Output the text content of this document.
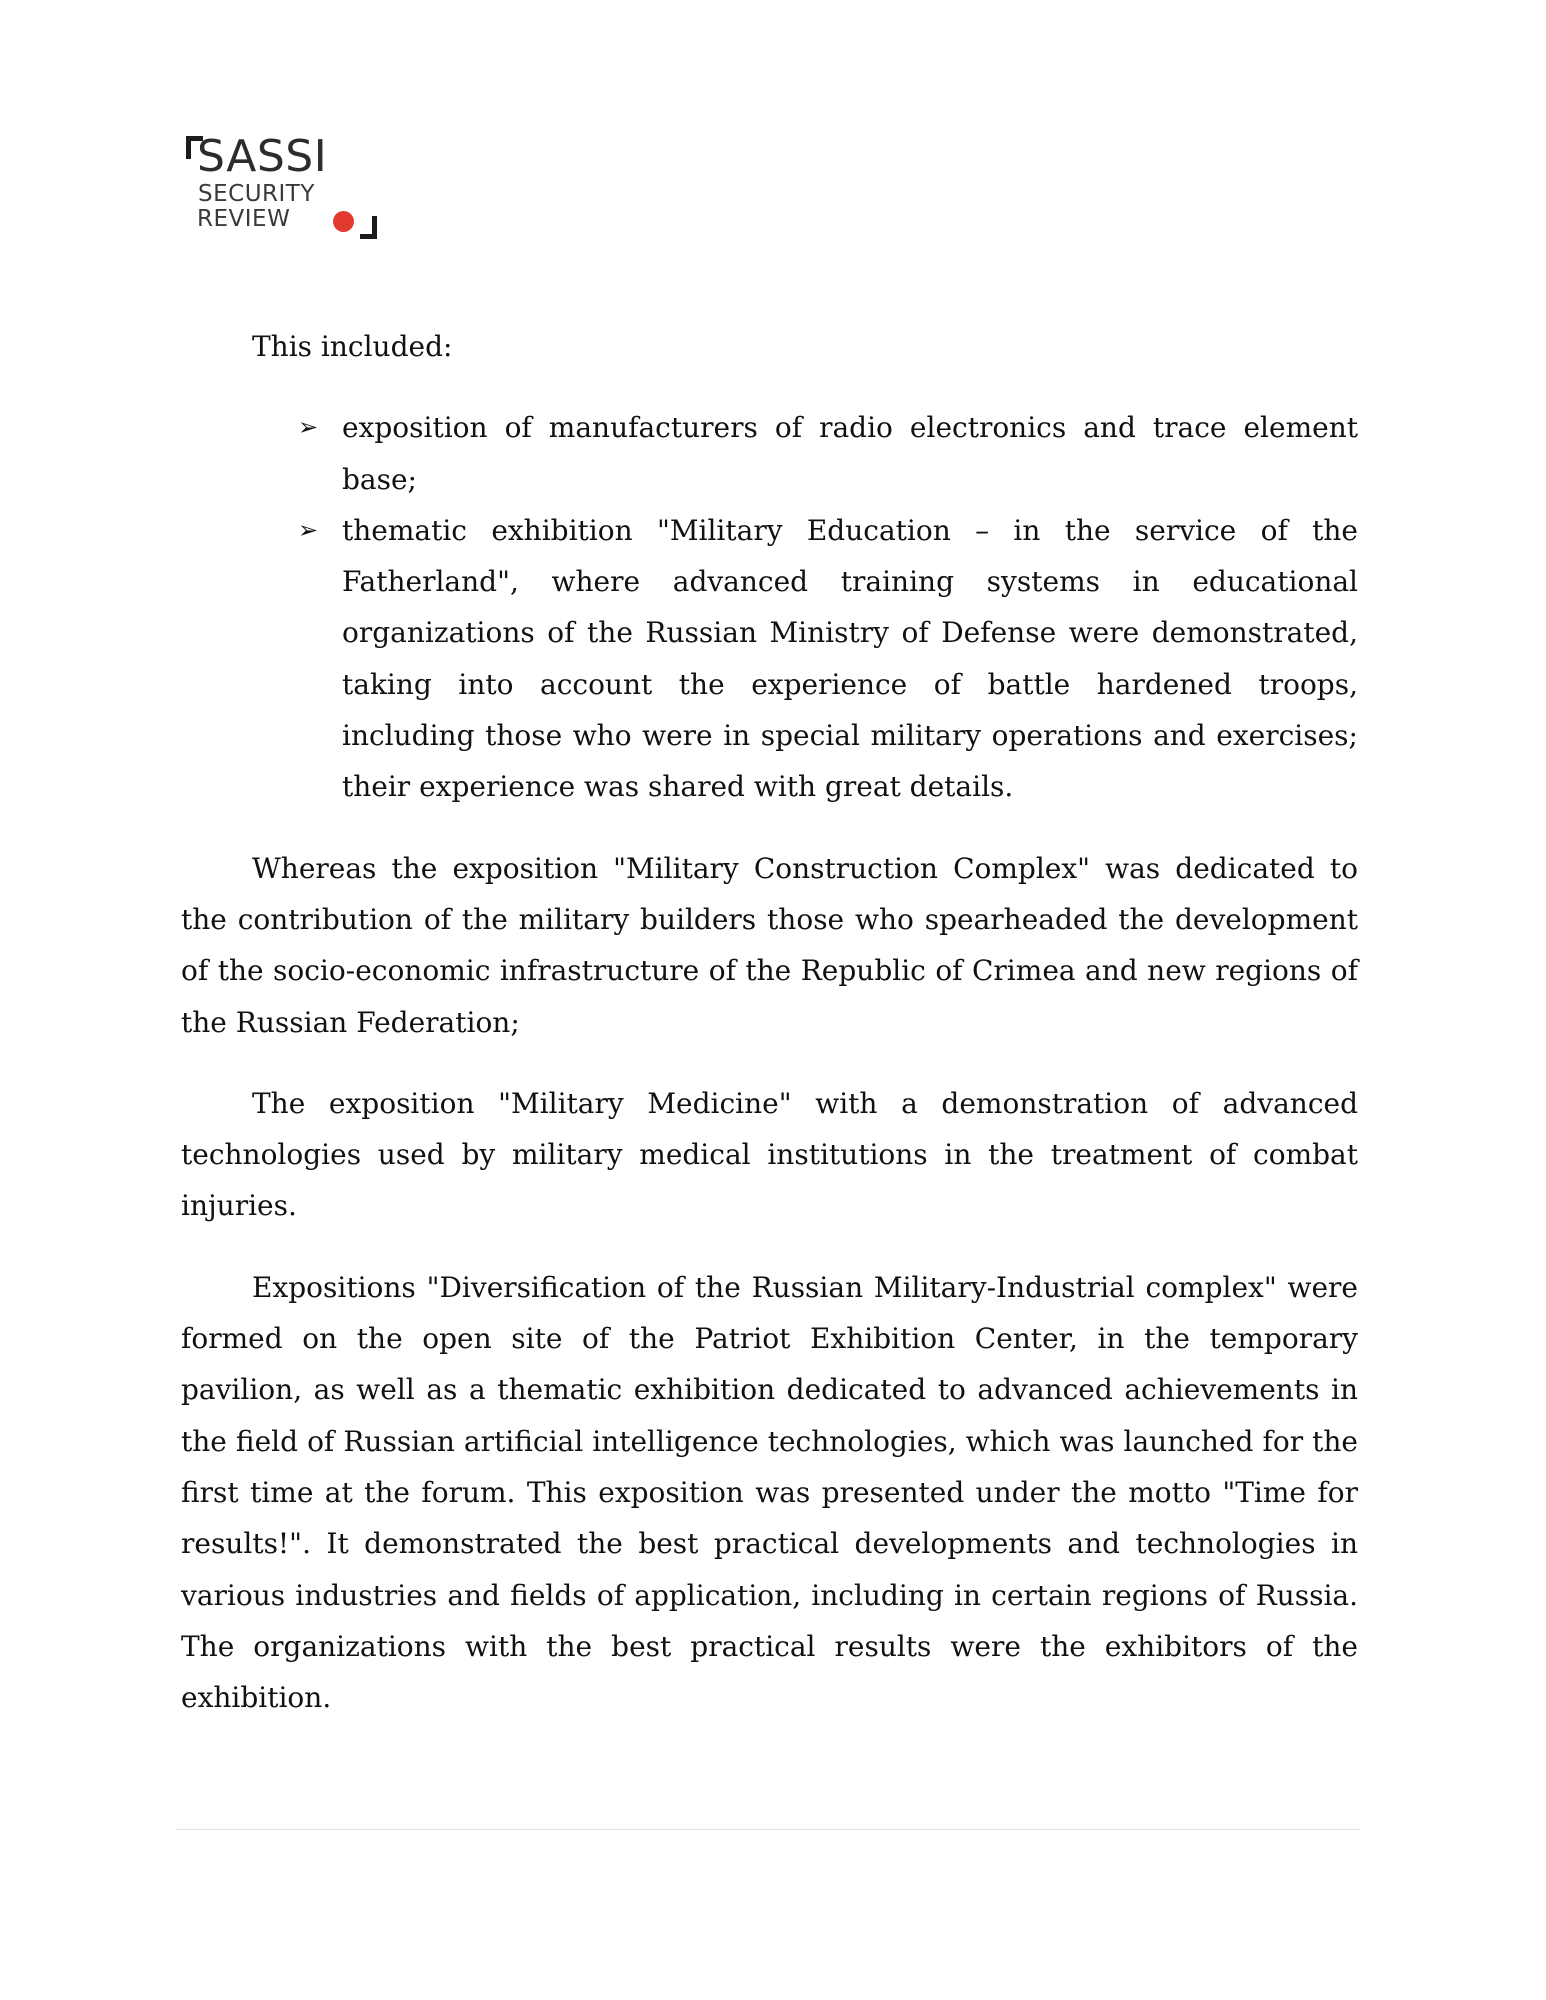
SASSI
SECURITY
REVIEW

This included:

➢ exposition of manufacturers of radio electronics and trace element base;
➢ thematic exhibition "Military Education – in the service of the Fatherland", where advanced training systems in educational organizations of the Russian Ministry of Defense were demonstrated, taking into account the experience of battle hardened troops, including those who were in special military operations and exercises; their experience was shared with great details.

Whereas the exposition "Military Construction Complex" was dedicated to the contribution of the military builders those who spearheaded the development of the socio-economic infrastructure of the Republic of Crimea and new regions of the Russian Federation;

The exposition "Military Medicine" with a demonstration of advanced technologies used by military medical institutions in the treatment of combat injuries.

Expositions "Diversification of the Russian Military-Industrial complex" were formed on the open site of the Patriot Exhibition Center, in the temporary pavilion, as well as a thematic exhibition dedicated to advanced achievements in the field of Russian artificial intelligence technologies, which was launched for the first time at the forum. This exposition was presented under the motto "Time for results!". It demonstrated the best practical developments and technologies in various industries and fields of application, including in certain regions of Russia. The organizations with the best practical results were the exhibitors of the exhibition.
